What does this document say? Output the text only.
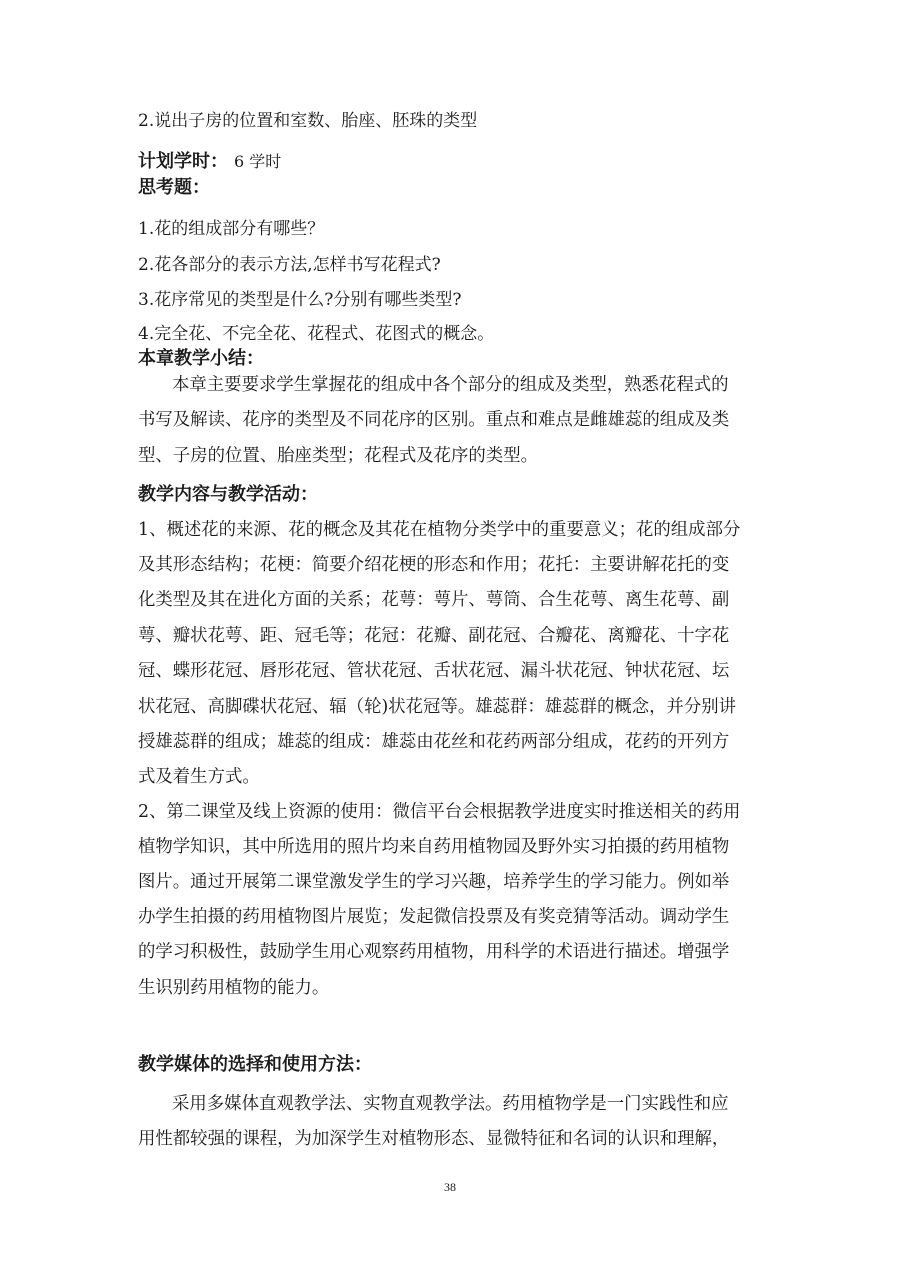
2.说出子房的位置和室数、胎座、胚珠的类型
计划学时： 6 学时
思考题：
1.花的组成部分有哪些？
2.花各部分的表示方法,怎样书写花程式?
3.花序常见的类型是什么?分别有哪些类型?
4.完全花、不完全花、花程式、花图式的概念。
本章教学小结：
本章主要要求学生掌握花的组成中各个部分的组成及类型，熟悉花程式的
书写及解读、花序的类型及不同花序的区别。重点和难点是雌雄蕊的组成及类
型、子房的位置、胎座类型；花程式及花序的类型。
教学内容与教学活动：
1、概述花的来源、花的概念及其花在植物分类学中的重要意义；花的组成部分
及其形态结构；花梗：简要介绍花梗的形态和作用；花托：主要讲解花托的变
化类型及其在进化方面的关系；花萼：萼片、萼筒、合生花萼、离生花萼、副
萼、瓣状花萼、距、冠毛等；花冠：花瓣、副花冠、合瓣花、离瓣花、十字花
冠、蝶形花冠、唇形花冠、管状花冠、舌状花冠、漏斗状花冠、钟状花冠、坛
状花冠、高脚碟状花冠、辐（轮)状花冠等。雄蕊群：雄蕊群的概念，并分别讲
授雄蕊群的组成；雄蕊的组成：雄蕊由花丝和花药两部分组成，花药的开列方
式及着生方式。
2、第二课堂及线上资源的使用：微信平台会根据教学进度实时推送相关的药用
植物学知识，其中所选用的照片均来自药用植物园及野外实习拍摄的药用植物
图片。通过开展第二课堂激发学生的学习兴趣，培养学生的学习能力。例如举
办学生拍摄的药用植物图片展览；发起微信投票及有奖竞猜等活动。调动学生
的学习积极性，鼓励学生用心观察药用植物，用科学的术语进行描述。增强学
生识别药用植物的能力。
教学媒体的选择和使用方法：
采用多媒体直观教学法、实物直观教学法。药用植物学是一门实践性和应
用性都较强的课程，为加深学生对植物形态、显微特征和名词的认识和理解，
38
